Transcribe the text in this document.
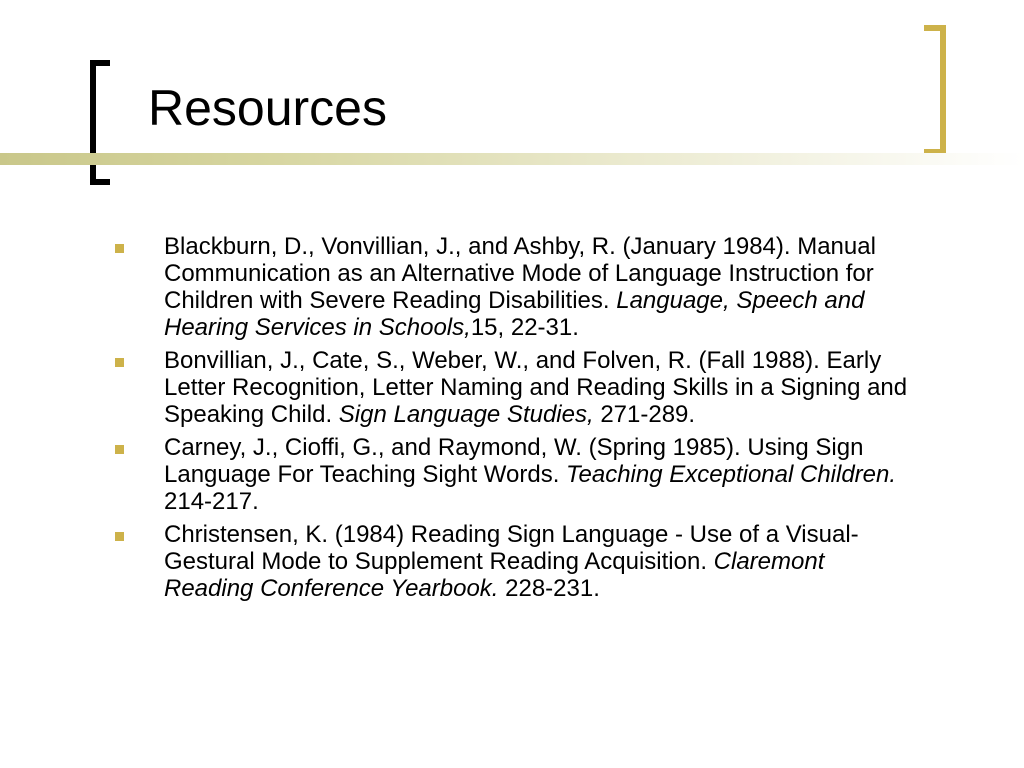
Resources
Blackburn, D., Vonvillian, J., and Ashby, R. (January 1984). Manual Communication as an Alternative Mode of Language Instruction for Children with Severe Reading Disabilities. Language, Speech and Hearing Services in Schools,15, 22-31.
Bonvillian, J., Cate, S., Weber, W., and Folven, R. (Fall 1988). Early Letter Recognition, Letter Naming and Reading Skills in a Signing and Speaking Child. Sign Language Studies, 271-289.
Carney, J., Cioffi, G., and Raymond, W. (Spring 1985). Using Sign Language For Teaching Sight Words. Teaching Exceptional Children. 214-217.
Christensen, K. (1984) Reading Sign Language - Use of a Visual-Gestural Mode to Supplement Reading Acquisition. Claremont Reading Conference Yearbook. 228-231.
